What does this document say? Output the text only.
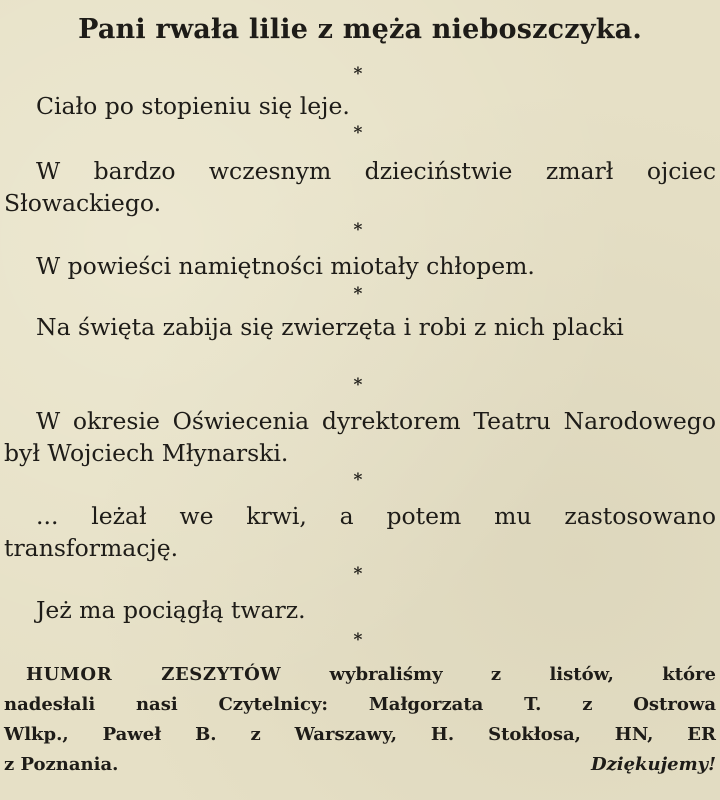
Pani rwała lilie z męża nieboszczyka.
*
Ciało po stopieniu się leje.
*
W bardzo wczesnym dzieciństwie zmarł ojciec Słowackiego.
*
W powieści namiętności miotały chłopem.
*
Na święta zabija się zwierzęta i robi z nich placki
*
W okresie Oświecenia dyrektorem Teatru Narodowego był Wojciech Młynarski.
*
... leżał we krwi, a potem mu zastosowano transformację.
*
Jeż ma pociągłą twarz.
*
HUMOR ZESZYTÓW	wybraliśmy z listów, które
nadesłali nasi Czytelnicy: Małgorzata T. z Ostrowa
Wlkp., Paweł B. z Warszawy, H. Stokłosa, HN, ER
z Poznania.	Dziękujemy!
